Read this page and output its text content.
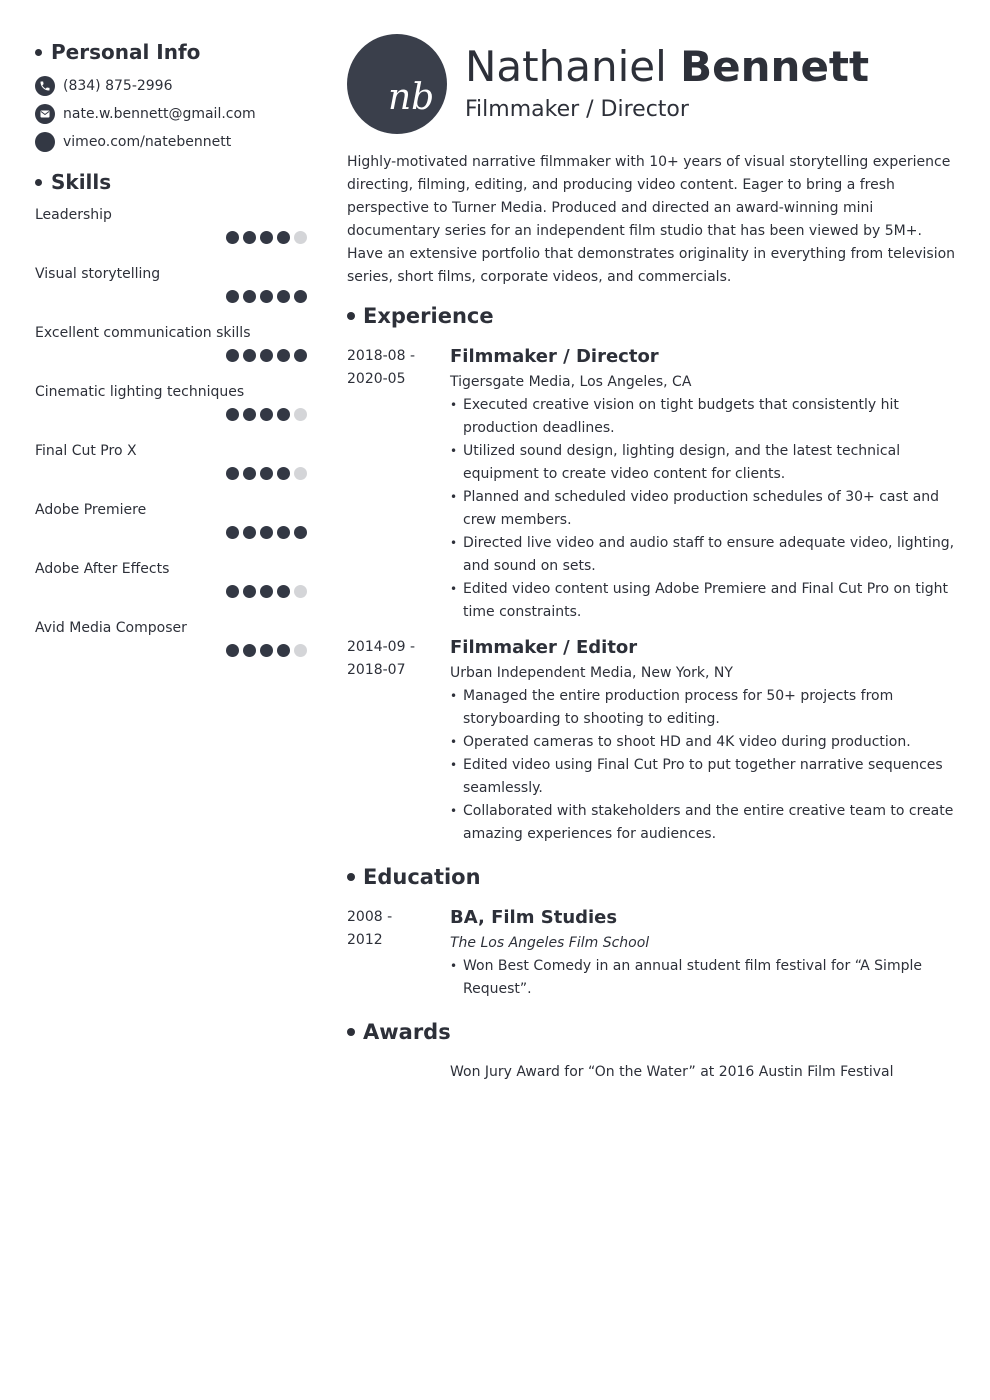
Personal Info
(834) 875-2996
nate.w.bennett@gmail.com
vimeo.com/natebennett
Skills
Leadership
Visual storytelling
Excellent communication skills
Cinematic lighting techniques
Final Cut Pro X
Adobe Premiere
Adobe After Effects
Avid Media Composer
nb
Nathaniel Bennett
Filmmaker / Director
Highly-motivated narrative filmmaker with 10+ years of visual storytelling experience directing, filming, editing, and producing video content. Eager to bring a fresh perspective to Turner Media. Produced and directed an award-winning mini documentary series for an independent film studio that has been viewed by 5M+. Have an extensive portfolio that demonstrates originality in everything from television series, short films, corporate videos, and commercials.
Experience
2018-08 -
2020-05
Filmmaker / Director
Tigersgate Media, Los Angeles, CA
• Executed creative vision on tight budgets that consistently hit production deadlines.
• Utilized sound design, lighting design, and the latest technical equipment to create video content for clients.
• Planned and scheduled video production schedules of 30+ cast and crew members.
• Directed live video and audio staff to ensure adequate video, lighting, and sound on sets.
• Edited video content using Adobe Premiere and Final Cut Pro on tight time constraints.
2014-09 -
2018-07
Filmmaker / Editor
Urban Independent Media, New York, NY
• Managed the entire production process for 50+ projects from storyboarding to shooting to editing.
• Operated cameras to shoot HD and 4K video during production.
• Edited video using Final Cut Pro to put together narrative sequences seamlessly.
• Collaborated with stakeholders and the entire creative team to create amazing experiences for audiences.
Education
2008 -
2012
BA, Film Studies
The Los Angeles Film School
• Won Best Comedy in an annual student film festival for “A Simple Request”.
Awards
Won Jury Award for “On the Water” at 2016 Austin Film Festival
